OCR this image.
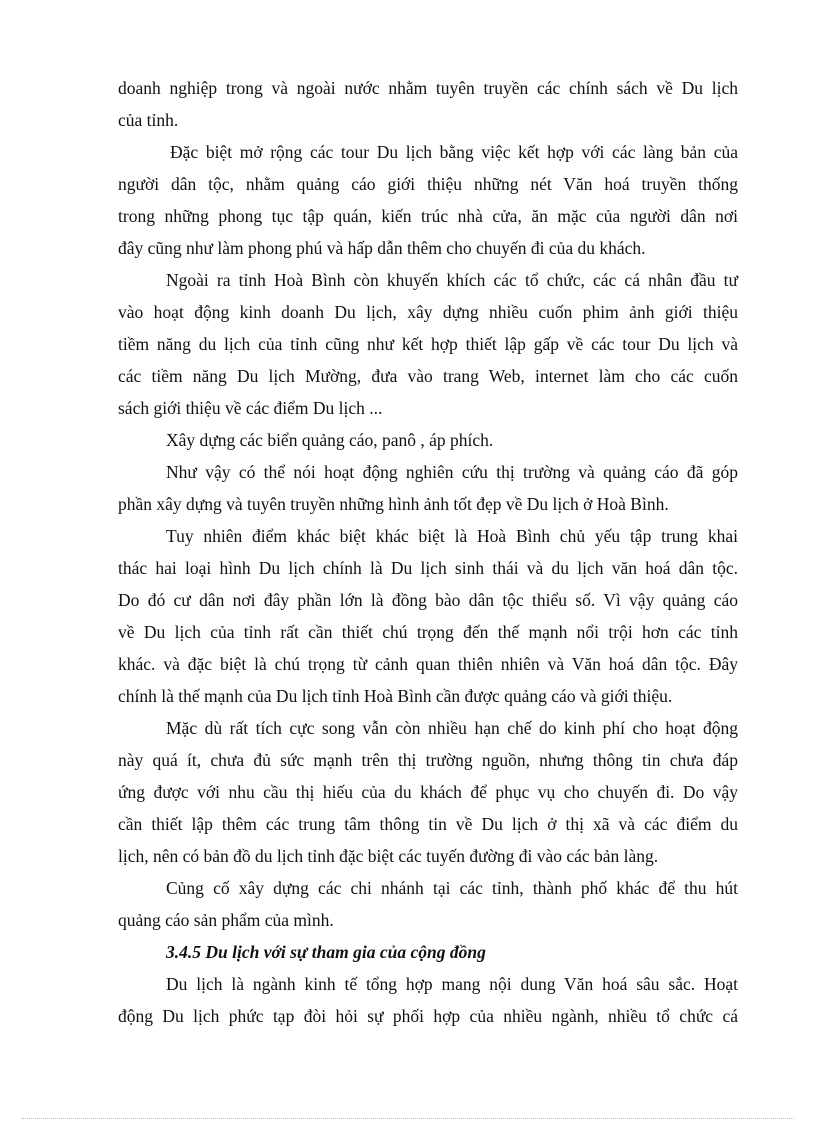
doanh nghiệp trong và ngoài nước nhằm tuyên truyền các chính sách về Du lịch
của tỉnh.
Đặc biệt mở rộng các tour Du lịch bằng việc kết hợp với các làng bản của
người dân tộc, nhằm quảng cáo giới thiệu những nét Văn hoá truyền thống
trong những phong tục tập quán, kiến trúc nhà cửa, ăn mặc của người dân nơi
đây cũng như làm phong phú và hấp dẫn thêm cho chuyến đi của du khách.
Ngoài ra tỉnh Hoà Bình còn khuyến khích các tổ chức, các cá nhân đầu tư
vào hoạt động kinh doanh Du lịch, xây dựng nhiều cuốn phim ảnh giới thiệu
tiềm năng du lịch của tỉnh cũng như kết hợp thiết lập gấp về các tour Du lịch và
các tiềm năng Du lịch Mường, đưa vào trang Web, internet làm cho các cuốn
sách giới thiệu về các điểm Du lịch ...
Xây dựng các biển quảng cáo, panô , áp phích.
Như vậy có thể nói hoạt động nghiên cứu thị trường và quảng cáo đã góp
phần xây dựng và tuyên truyền những hình ảnh tốt đẹp về Du lịch ở Hoà Bình.
Tuy nhiên điểm khác biệt khác biệt là Hoà Bình chủ yếu tập trung khai
thác hai loại hình Du lịch chính là Du lịch sinh thái và du lịch văn hoá dân tộc.
Do đó cư dân nơi đây phần lớn là đồng bào dân tộc thiểu số. Vì vậy quảng cáo
về Du lịch của tỉnh rất cần thiết chú trọng đến thế mạnh nổi trội hơn các tỉnh
khác. và đặc biệt là chú trọng từ cảnh quan thiên nhiên và Văn hoá dân tộc. Đây
chính là thế mạnh của Du lịch tỉnh Hoà Bình cần được quảng cáo và giới thiệu.
Mặc dù rất tích cực song vẫn còn nhiều hạn chế do kinh phí cho hoạt động
này quá ít, chưa đủ sức mạnh trên thị trường nguồn, nhưng thông tin chưa đáp
ứng được với nhu cầu thị hiếu của du khách để phục vụ cho chuyến đi. Do vậy
cần thiết lập thêm các trung tâm thông tin về Du lịch ở thị xã và các điểm du
lịch, nên có bản đồ du lịch tỉnh đặc biệt các tuyến đường đi vào các bản làng.
Củng cố xây dựng các chi nhánh tại các tỉnh, thành phố khác để thu hút
quảng cáo sản phẩm của mình.
3.4.5 Du lịch với sự tham gia của cộng đồng
Du lịch là ngành kinh tế tổng hợp mang nội dung Văn hoá sâu sắc. Hoạt
động Du lịch phức tạp đòi hỏi sự phối hợp của nhiều ngành, nhiều tổ chức cá
